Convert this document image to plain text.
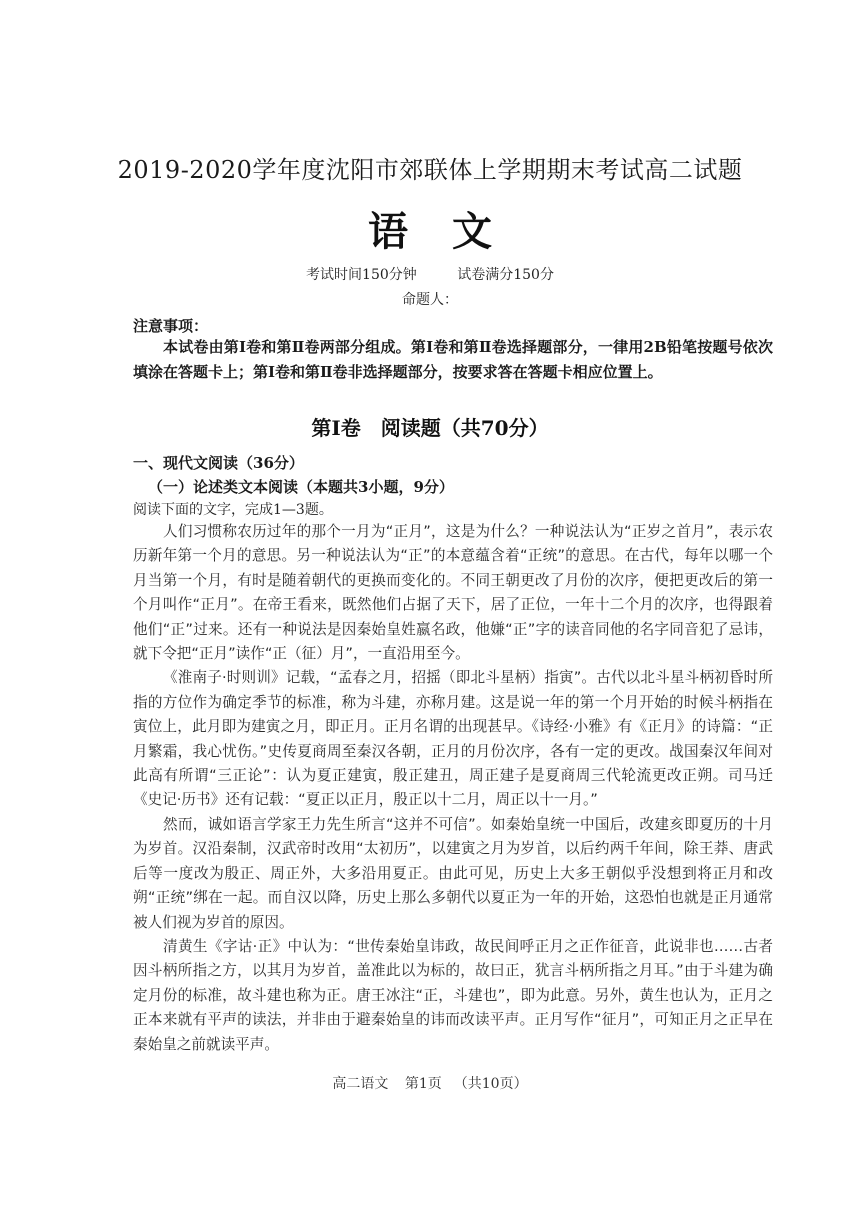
2019-2020学年度沈阳市郊联体上学期期末考试高二试题
语文
考试时间150分钟	试卷满分150分
命题人：
注意事项：
本试卷由第Ⅰ卷和第Ⅱ卷两部分组成。第Ⅰ卷和第Ⅱ卷选择题部分，一律用2B铅笔按题号依次填涂在答题卡上；第Ⅰ卷和第Ⅱ卷非选择题部分，按要求答在答题卡相应位置上。
第Ⅰ卷　阅读题（共70分）
一、现代文阅读（36分）
（一）论述类文本阅读（本题共3小题，9分）
阅读下面的文字，完成1—3题。

人们习惯称农历过年的那个一月为“正月”，这是为什么？一种说法认为“正岁之首月”，表示农历新年第一个月的意思。另一种说法认为“正”的本意蕴含着“正统”的意思。在古代，每年以哪一个月当第一个月，有时是随着朝代的更换而变化的。不同王朝更改了月份的次序，便把更改后的第一个月叫作“正月”。在帝王看来，既然他们占据了天下，居了正位，一年十二个月的次序，也得跟着他们“正”过来。还有一种说法是因秦始皇姓嬴名政，他嫌“正”字的读音同他的名字同音犯了忌讳，就下令把“正月”读作“正（征）月”，一直沿用至今。

《淮南子·时则训》记载，“孟春之月，招摇（即北斗星柄）指寅”。古代以北斗星斗柄初昏时所指的方位作为确定季节的标准，称为斗建，亦称月建。这是说一年的第一个月开始的时候斗柄指在寅位上，此月即为建寅之月，即正月。正月名谓的出现甚早。《诗经·小雅》有《正月》的诗篇：“正月繁霜，我心忧伤。”史传夏商周至秦汉各朝，正月的月份次序，各有一定的更改。战国秦汉年间对此高有所谓“三正论”：认为夏正建寅，殷正建丑，周正建子是夏商周三代轮流更改正朔。司马迁《史记·历书》还有记载：“夏正以正月，殷正以十二月，周正以十一月。”

然而，诚如语言学家王力先生所言“这并不可信”。如秦始皇统一中国后，改建亥即夏历的十月为岁首。汉沿秦制，汉武帝时改用“太初历”，以建寅之月为岁首，以后约两千年间，除王莽、唐武后等一度改为殷正、周正外，大多沿用夏正。由此可见，历史上大多王朝似乎没想到将正月和改朔“正统”绑在一起。而自汉以降，历史上那么多朝代以夏正为一年的开始，这恐怕也就是正月通常被人们视为岁首的原因。

清黄生《字诂·正》中认为：“世传秦始皇讳政，故民间呼正月之正作征音，此说非也……古者因斗柄所指之方，以其月为岁首，盖准此以为标的，故曰正，犹言斗柄所指之月耳。”由于斗建为确定月份的标准，故斗建也称为正。唐王冰注“正，斗建也”，即为此意。另外，黄生也认为，正月之正本来就有平声的读法，并非由于避秦始皇的讳而改读平声。正月写作“征月”，可知正月之正早在秦始皇之前就读平声。

高二语文 第1页 （共10页）
